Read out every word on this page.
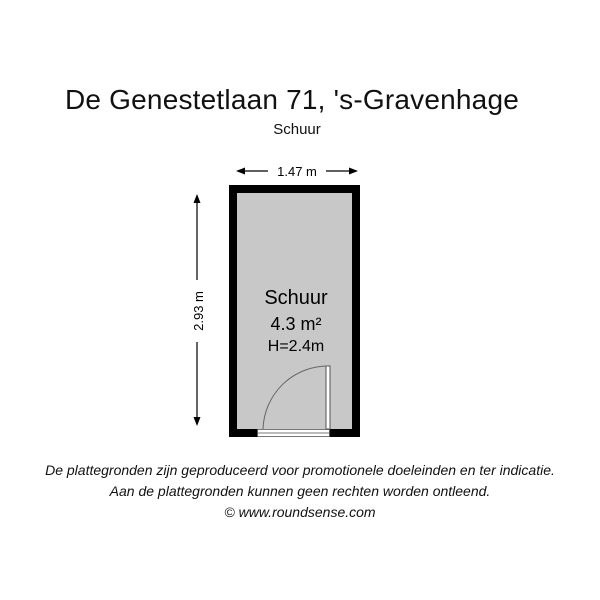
De Genestetlaan 71, 's-Gravenhage
Schuur
1.47 m
2.93 m	Schuur
4.3 m²
H=2.4m
De plattegronden zijn geproduceerd voor promotionele doeleinden en ter indicatie.
Aan de plattegronden kunnen geen rechten worden ontleend.
© www.roundsense.com
